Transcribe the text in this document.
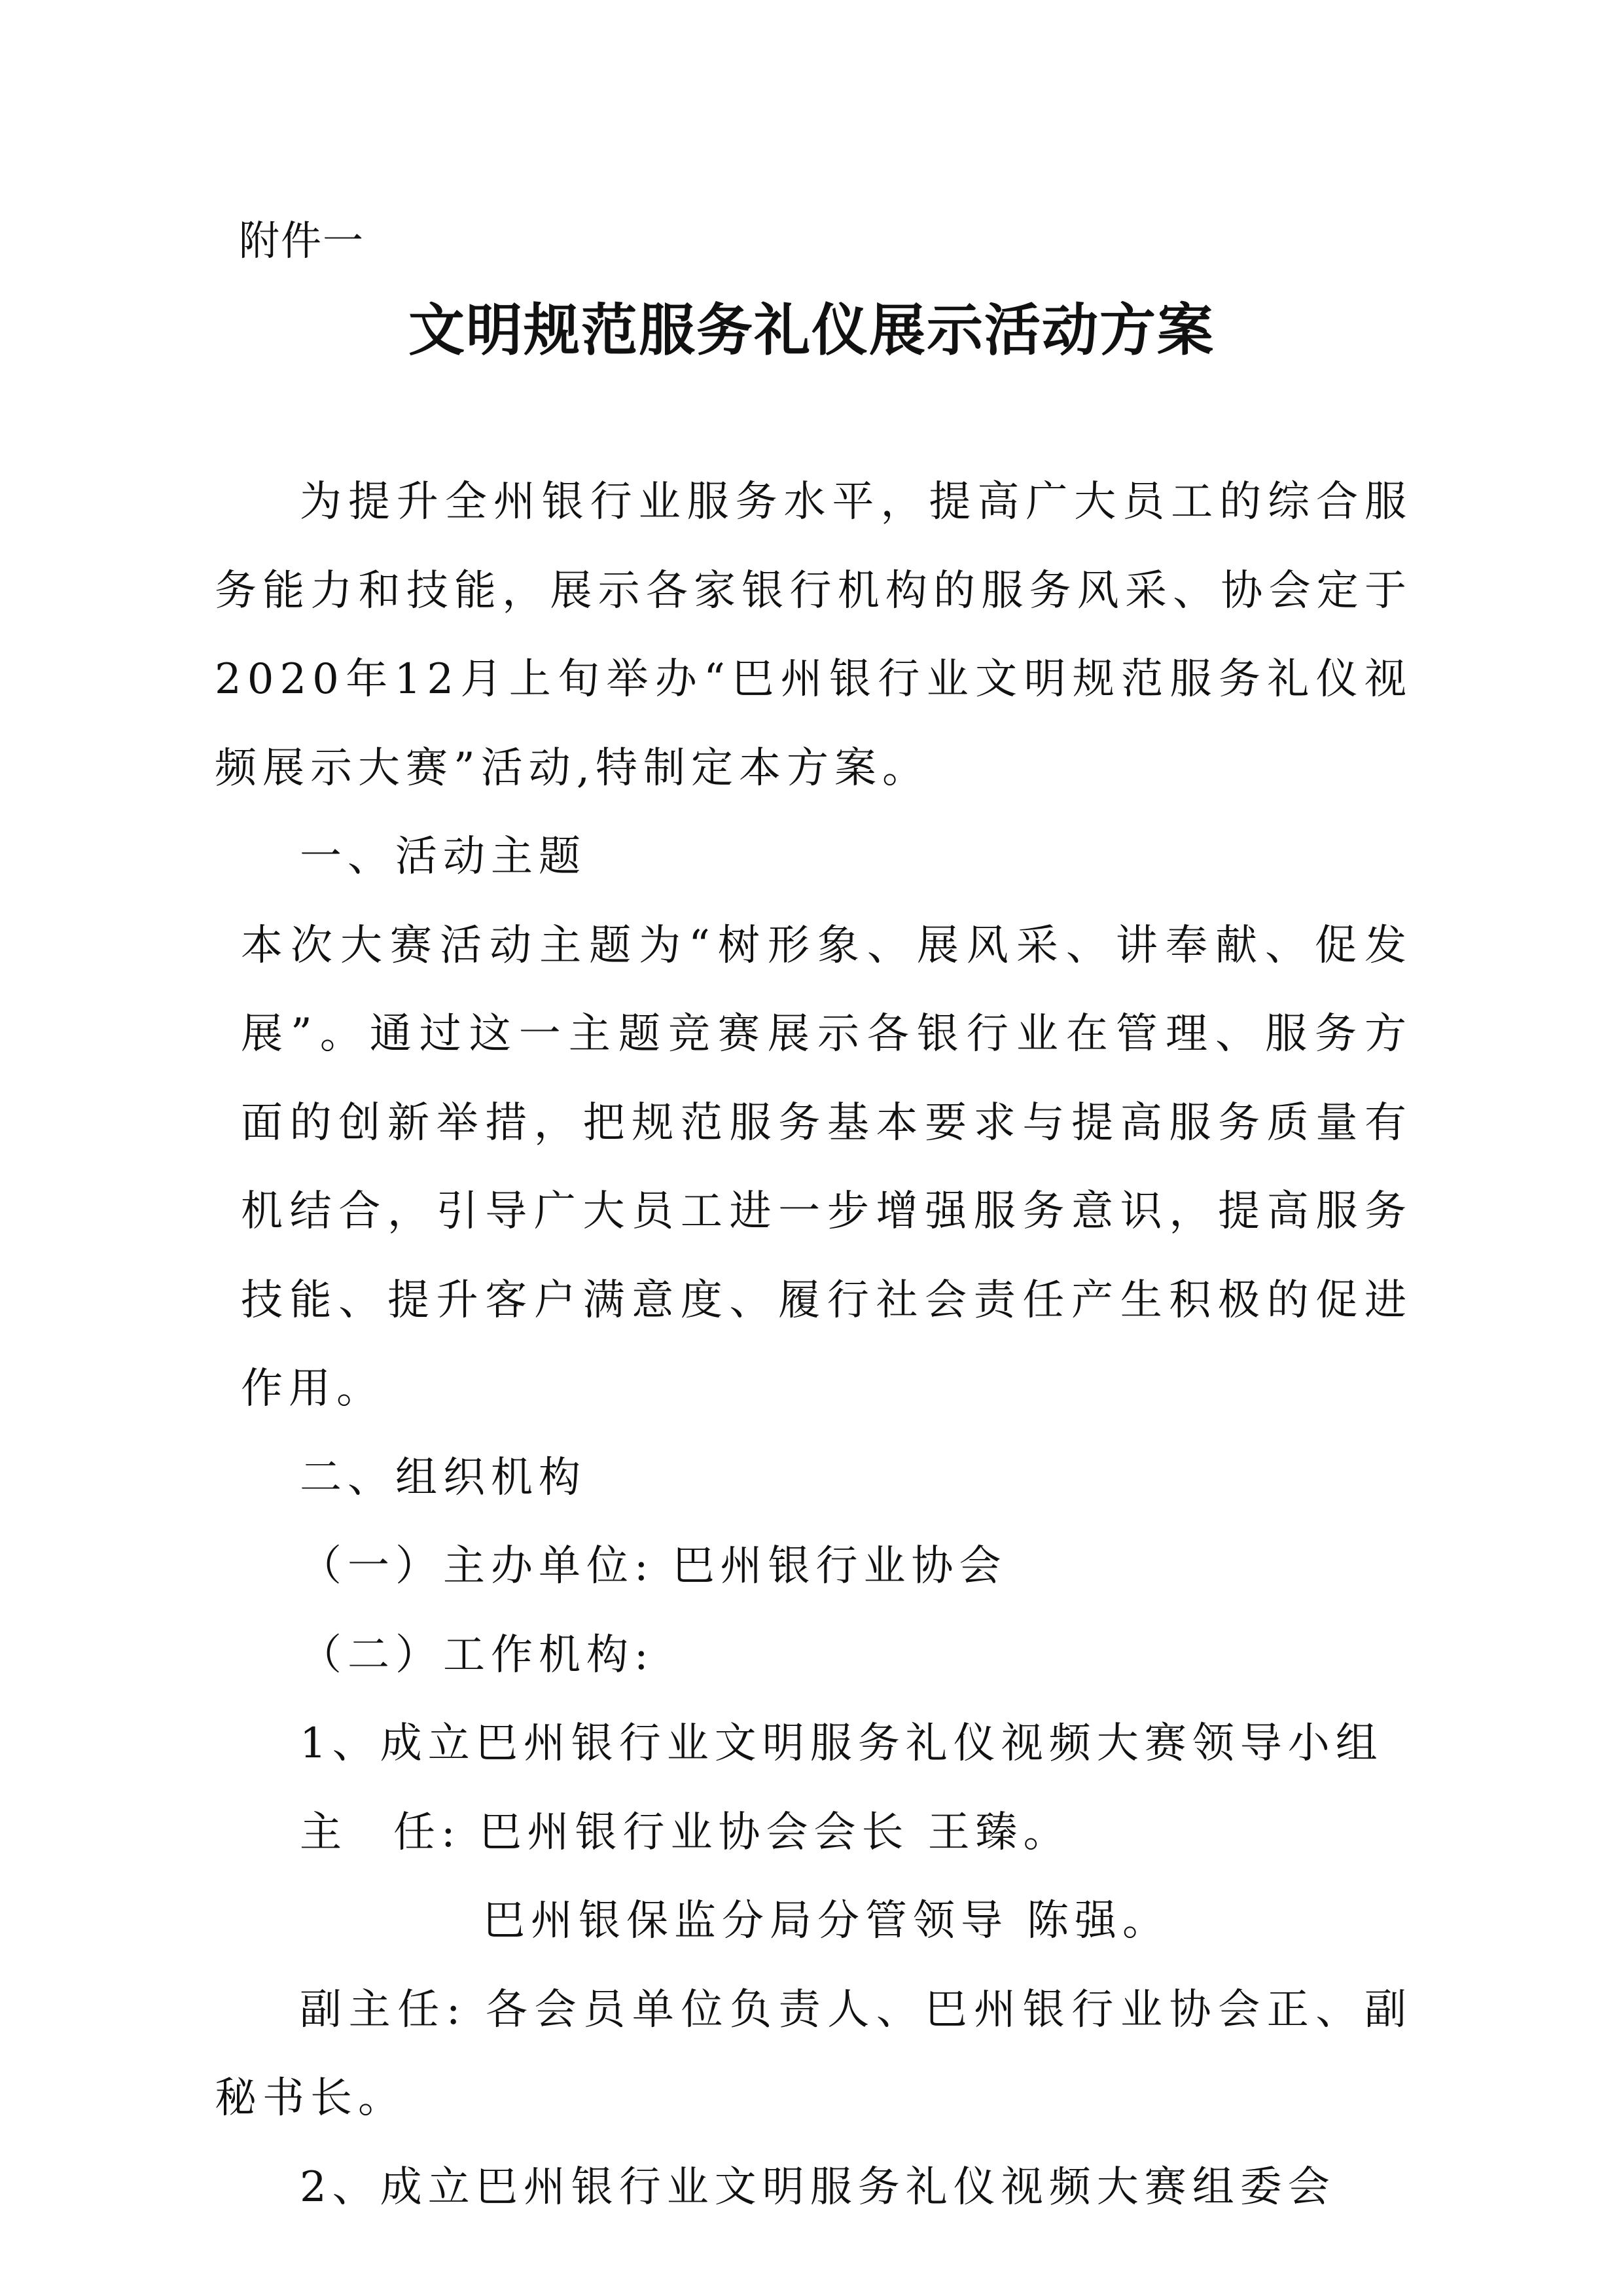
附件一
文明规范服务礼仪展示活动方案

为提升全州银行业服务水平，提高广大员工的综合服务能力和技能，展示各家银行机构的服务风采、协会定于2020年12月上旬举办“巴州银行业文明规范服务礼仪视频展示大赛”活动,特制定本方案。

一、活动主题

本次大赛活动主题为“树形象、展风采、讲奉献、促发展”。通过这一主题竞赛展示各银行业在管理、服务方面的创新举措，把规范服务基本要求与提高服务质量有机结合，引导广大员工进一步增强服务意识，提高服务技能、提升客户满意度、履行社会责任产生积极的促进作用。

二、组织机构

（一）主办单位: 巴州银行业协会

（二）工作机构:

1、成立巴州银行业文明服务礼仪视频大赛领导小组

主 任: 巴州银行业协会会长 王臻。

巴州银保监分局分管领导 陈强。

副主任: 各会员单位负责人、巴州银行业协会正、副秘书长。

2、成立巴州银行业文明服务礼仪视频大赛组委会
